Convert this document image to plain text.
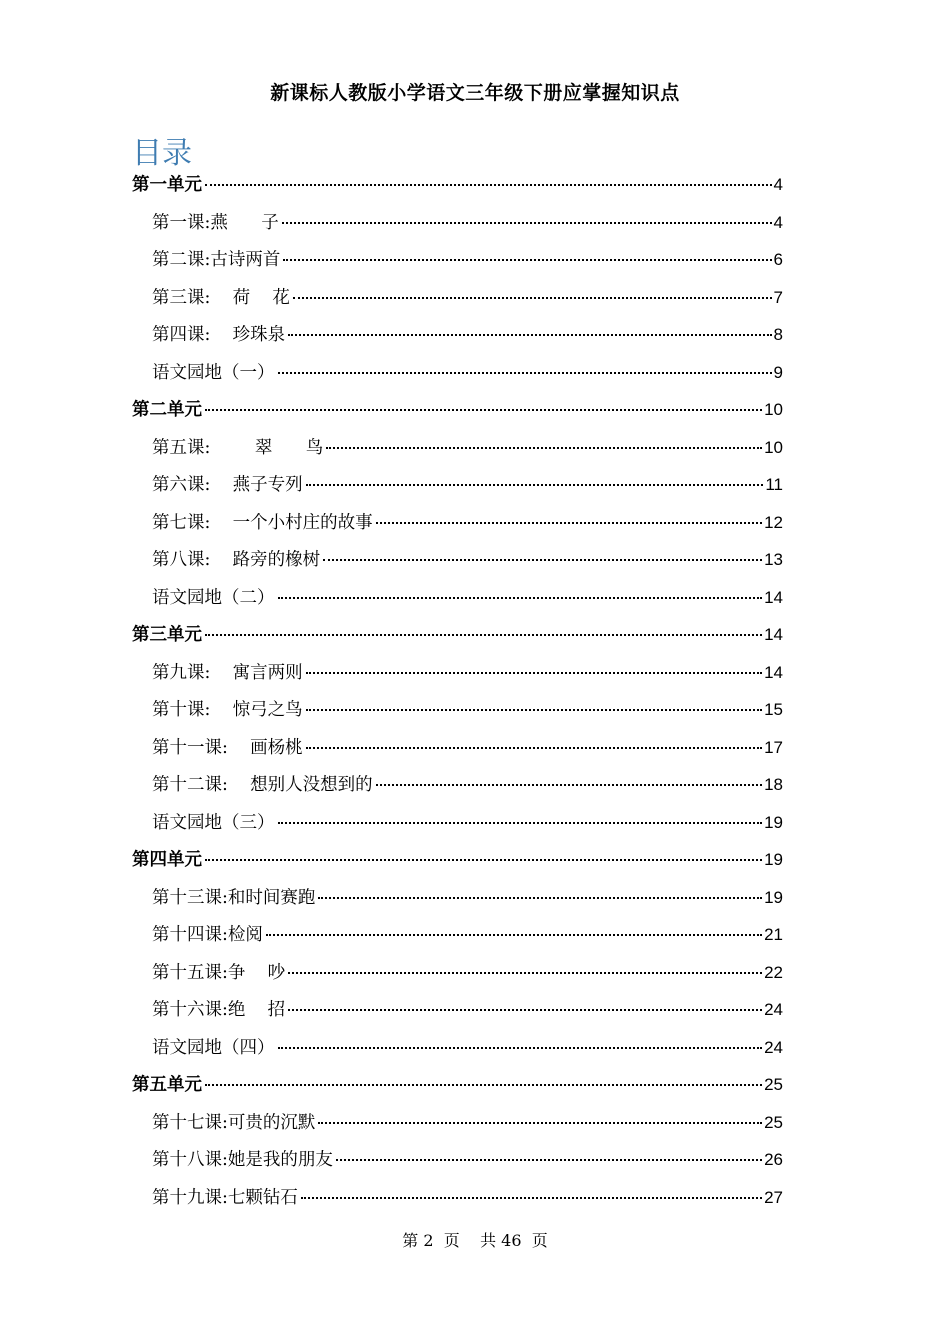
新课标人教版小学语文三年级下册应掌握知识点
目录
第一单元	4
第一课:燕      子	4
第二课:古诗两首	6
第三课:    荷    花	7
第四课:    珍珠泉	8
语文园地（一）	9
第二单元	10
第五课:        翠      鸟	10
第六课:    燕子专列	11
第七课:    一个小村庄的故事	12
第八课:    路旁的橡树	13
语文园地（二）	14
第三单元	14
第九课:    寓言两则	14
第十课:    惊弓之鸟	15
第十一课:    画杨桃	17
第十二课:    想别人没想到的	18
语文园地（三）	19
第四单元	19
第十三课:和时间赛跑	19
第十四课:检阅	21
第十五课:争    吵	22
第十六课:绝    招	24
语文园地（四）	24
第五单元	25
第十七课:可贵的沉默	25
第十八课:她是我的朋友	26
第十九课:七颗钻石	27
第 2  页    共 46  页
